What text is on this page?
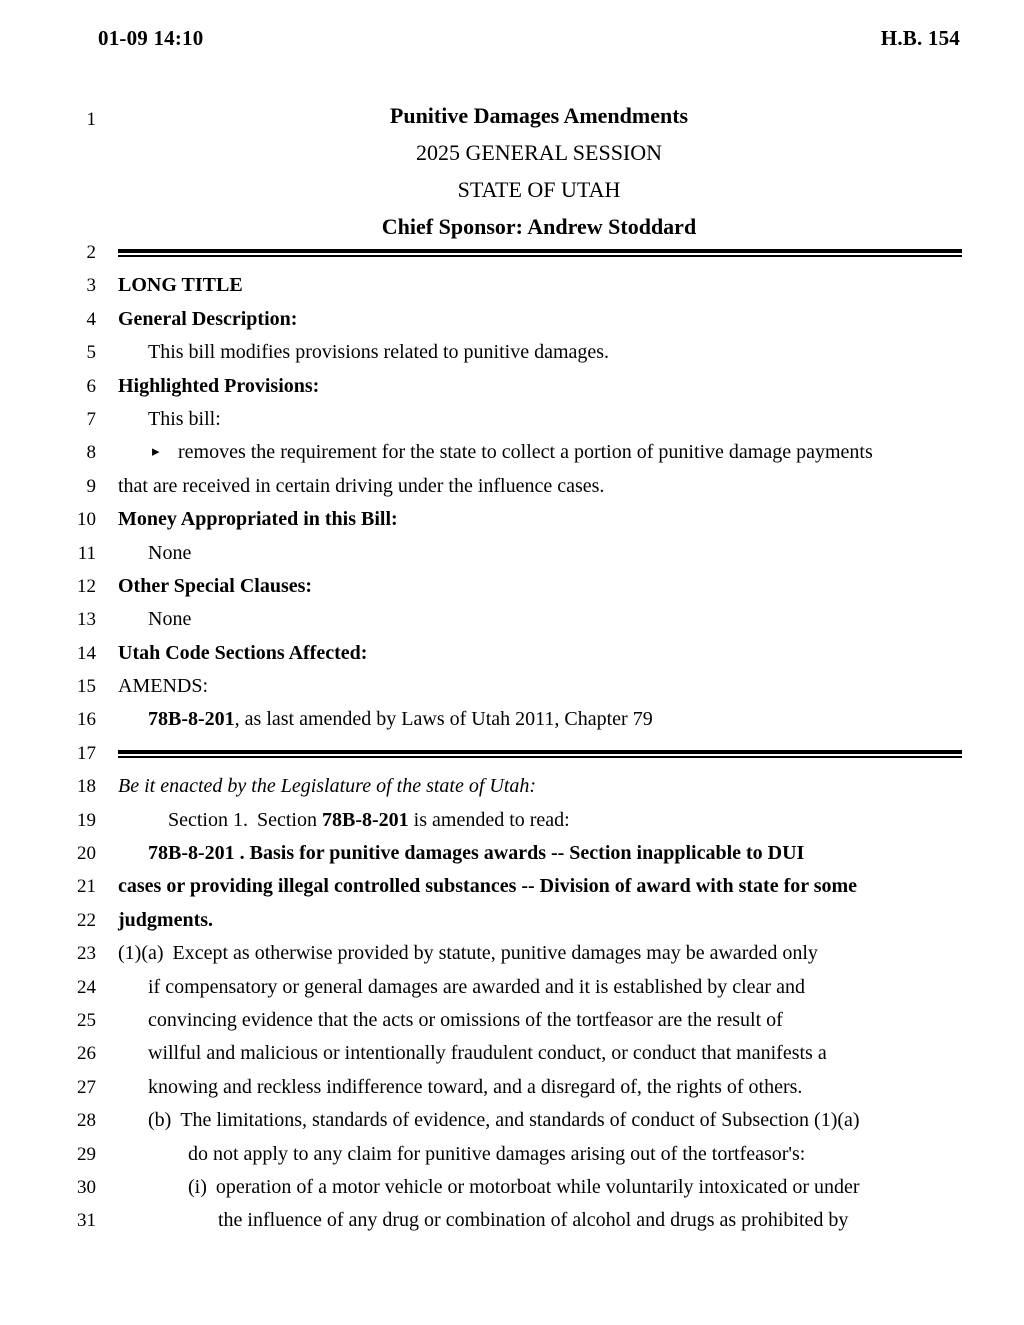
01-09 14:10	H.B. 154
Punitive Damages Amendments
2025 GENERAL SESSION
STATE OF UTAH
Chief Sponsor: Andrew Stoddard
1
2
3 LONG TITLE
4 General Description:
5	This bill modifies provisions related to punitive damages.
6 Highlighted Provisions:
7	This bill:
8	▸ removes the requirement for the state to collect a portion of punitive damage payments
9 that are received in certain driving under the influence cases.
10 Money Appropriated in this Bill:
11	None
12 Other Special Clauses:
13	None
14 Utah Code Sections Affected:
15 AMENDS:
16	78B-8-201, as last amended by Laws of Utah 2011, Chapter 79
17
18 Be it enacted by the Legislature of the state of Utah:
19	Section 1. Section 78B-8-201 is amended to read:
20	78B-8-201 . Basis for punitive damages awards -- Section inapplicable to DUI
21 cases or providing illegal controlled substances -- Division of award with state for some
22 judgments.
23 (1)(a) Except as otherwise provided by statute, punitive damages may be awarded only
24	if compensatory or general damages are awarded and it is established by clear and
25	convincing evidence that the acts or omissions of the tortfeasor are the result of
26	willful and malicious or intentionally fraudulent conduct, or conduct that manifests a
27	knowing and reckless indifference toward, and a disregard of, the rights of others.
28	(b) The limitations, standards of evidence, and standards of conduct of Subsection (1)(a)
29	do not apply to any claim for punitive damages arising out of the tortfeasor's:
30	(i) operation of a motor vehicle or motorboat while voluntarily intoxicated or under
31	the influence of any drug or combination of alcohol and drugs as prohibited by
